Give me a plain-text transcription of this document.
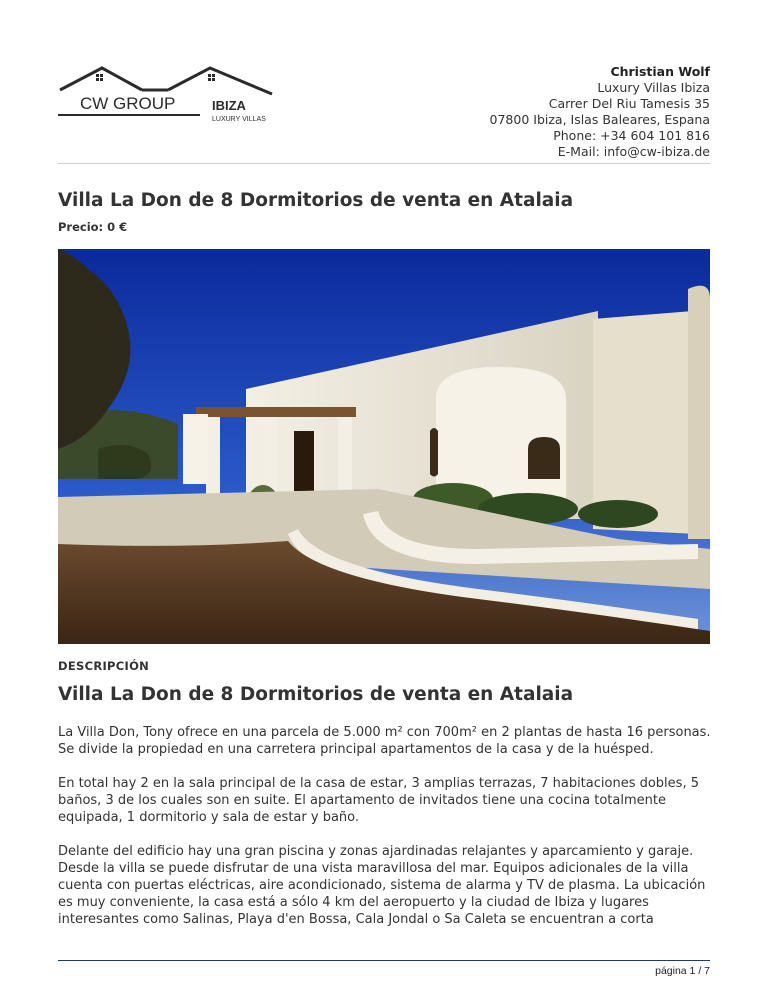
CW GROUP	IBIZA
LUXURY VILLAS
Christian Wolf
Luxury Villas Ibiza
Carrer Del Riu Tamesis 35
07800 Ibiza, Islas Baleares, Espana
Phone: +34 604 101 816
E-Mail: info@cw-ibiza.de
Villa La Don de 8 Dormitorios de venta en Atalaia
Precio: 0 €
DESCRIPCIÓN
Villa La Don de 8 Dormitorios de venta en Atalaia

La Villa Don, Tony ofrece en una parcela de 5.000 m² con 700m² en 2 plantas de hasta 16 personas. Se divide la propiedad en una carretera principal apartamentos de la casa y de la huésped.

En total hay 2 en la sala principal de la casa de estar, 3 amplias terrazas, 7 habitaciones dobles, 5 baños, 3 de los cuales son en suite. El apartamento de invitados tiene una cocina totalmente equipada, 1 dormitorio y sala de estar y baño.

Delante del edificio hay una gran piscina y zonas ajardinadas relajantes y aparcamiento y garaje. Desde la villa se puede disfrutar de una vista maravillosa del mar. Equipos adicionales de la villa cuenta con puertas eléctricas, aire acondicionado, sistema de alarma y TV de plasma. La ubicación es muy conveniente, la casa está a sólo 4 km del aeropuerto y la ciudad de Ibiza y lugares interesantes como Salinas, Playa d'en Bossa, Cala Jondal o Sa Caleta se encuentran a corta

página 1 / 7
